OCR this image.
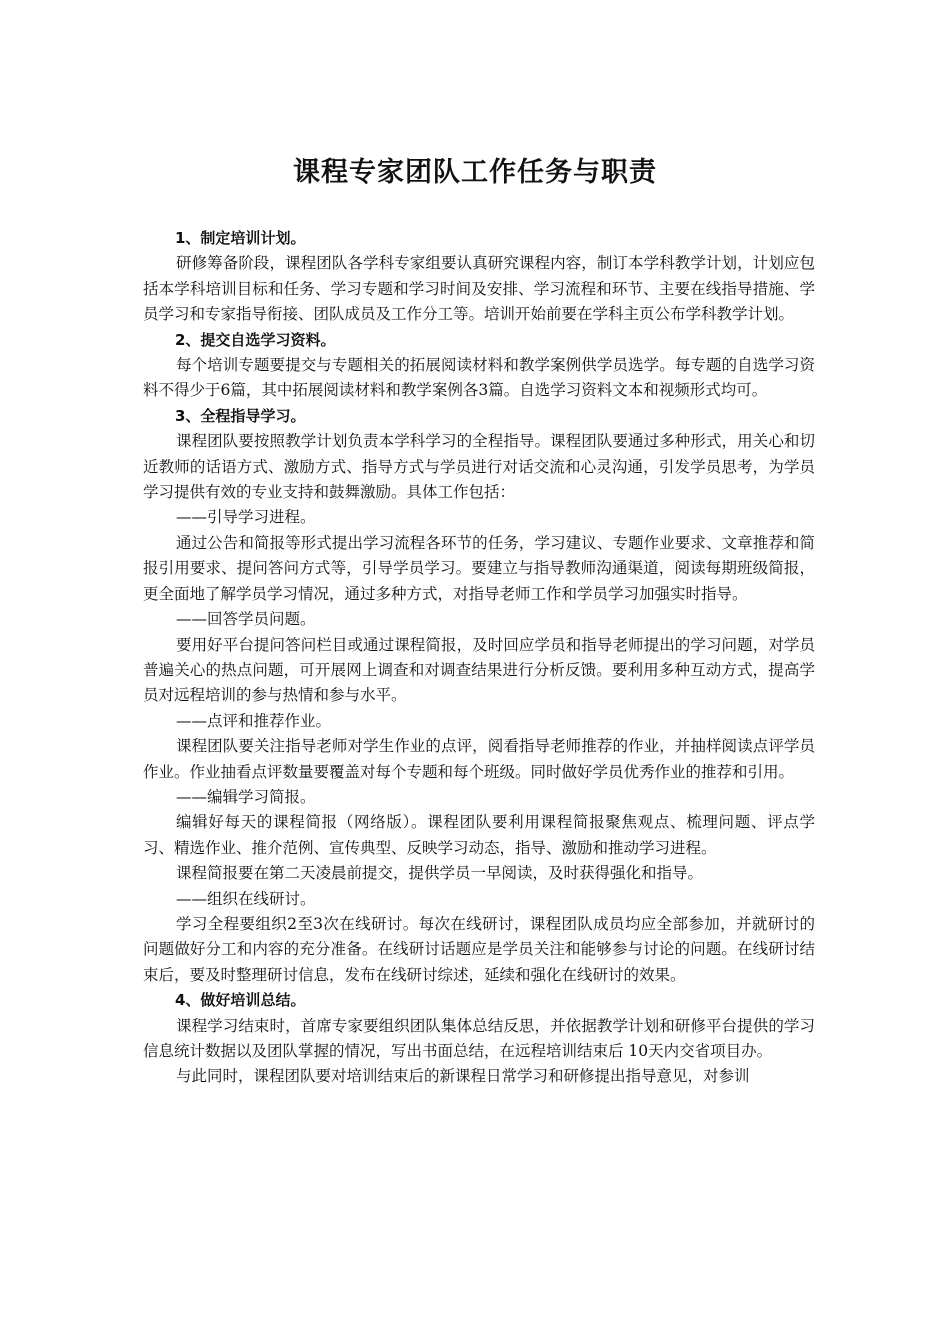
课程专家团队工作任务与职责

1、制定培训计划。

研修筹备阶段，课程团队各学科专家组要认真研究课程内容，制订本学科教学计划，计划应包括本学科培训目标和任务、学习专题和学习时间及安排、学习流程和环节、主要在线指导措施、学员学习和专家指导衔接、团队成员及工作分工等。培训开始前要在学科主页公布学科教学计划。

2、提交自选学习资料。

每个培训专题要提交与专题相关的拓展阅读材料和教学案例供学员选学。每专题的自选学习资料不得少于6篇，其中拓展阅读材料和教学案例各3篇。自选学习资料文本和视频形式均可。

3、全程指导学习。

课程团队要按照教学计划负责本学科学习的全程指导。课程团队要通过多种形式，用关心和切近教师的话语方式、激励方式、指导方式与学员进行对话交流和心灵沟通，引发学员思考，为学员学习提供有效的专业支持和鼓舞激励。具体工作包括：

——引导学习进程。

通过公告和简报等形式提出学习流程各环节的任务，学习建议、专题作业要求、文章推荐和简报引用要求、提问答问方式等，引导学员学习。要建立与指导教师沟通渠道，阅读每期班级简报，更全面地了解学员学习情况，通过多种方式，对指导老师工作和学员学习加强实时指导。

——回答学员问题。

要用好平台提问答问栏目或通过课程简报，及时回应学员和指导老师提出的学习问题，对学员普遍关心的热点问题，可开展网上调查和对调查结果进行分析反馈。要利用多种互动方式，提高学员对远程培训的参与热情和参与水平。

——点评和推荐作业。

课程团队要关注指导老师对学生作业的点评，阅看指导老师推荐的作业，并抽样阅读点评学员作业。作业抽看点评数量要覆盖对每个专题和每个班级。同时做好学员优秀作业的推荐和引用。

——编辑学习简报。

编辑好每天的课程简报（网络版）。课程团队要利用课程简报聚焦观点、梳理问题、评点学习、精选作业、推介范例、宣传典型、反映学习动态，指导、激励和推动学习进程。

课程简报要在第二天凌晨前提交，提供学员一早阅读，及时获得强化和指导。

——组织在线研讨。

学习全程要组织2至3次在线研讨。每次在线研讨，课程团队成员均应全部参加，并就研讨的问题做好分工和内容的充分准备。在线研讨话题应是学员关注和能够参与讨论的问题。在线研讨结束后，要及时整理研讨信息，发布在线研讨综述，延续和强化在线研讨的效果。

4、做好培训总结。

课程学习结束时，首席专家要组织团队集体总结反思，并依据教学计划和研修平台提供的学习信息统计数据以及团队掌握的情况，写出书面总结，在远程培训结束后 10天内交省项目办。

与此同时，课程团队要对培训结束后的新课程日常学习和研修提出指导意见，对参训
